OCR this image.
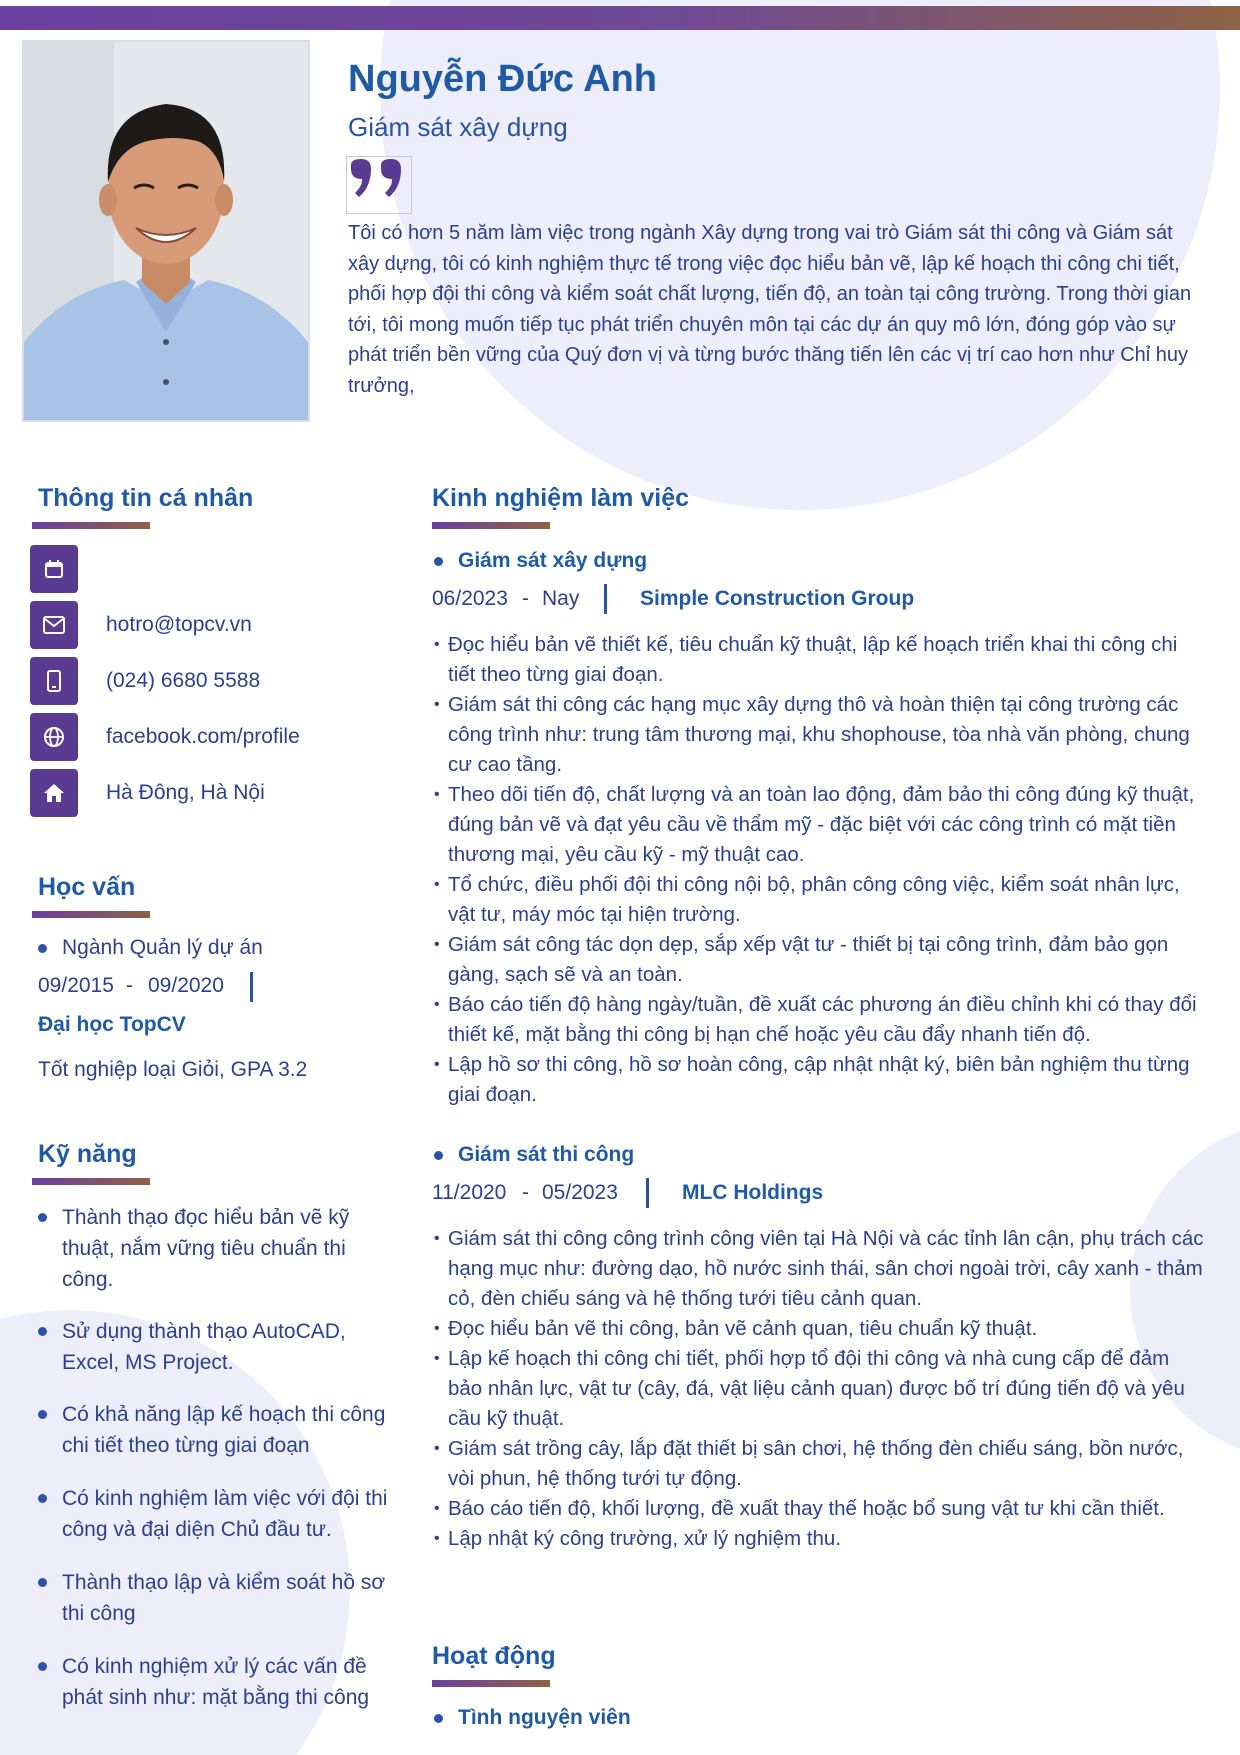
Nguyễn Đức Anh
Giám sát xây dựng
Tôi có hơn 5 năm làm việc trong ngành Xây dựng trong vai trò Giám sát thi công và Giám sát xây dựng, tôi có kinh nghiệm thực tế trong việc đọc hiểu bản vẽ, lập kế hoạch thi công chi tiết, phối hợp đội thi công và kiểm soát chất lượng, tiến độ, an toàn tại công trường. Trong thời gian tới, tôi mong muốn tiếp tục phát triển chuyên môn tại các dự án quy mô lớn, đóng góp vào sự phát triển bền vững của Quý đơn vị và từng bước thăng tiến lên các vị trí cao hơn như Chỉ huy trưởng,
Thông tin cá nhân
hotro@topcv.vn
(024) 6680 5588
facebook.com/profile
Hà Đông, Hà Nội
Học vấn
Ngành Quản lý dự án
09/2015 - 09/2020
Đại học TopCV
Tốt nghiệp loại Giỏi, GPA 3.2
Kỹ năng
Thành thạo đọc hiểu bản vẽ kỹ thuật, nắm vững tiêu chuẩn thi công.
Sử dụng thành thạo AutoCAD, Excel, MS Project.
Có khả năng lập kế hoạch thi công chi tiết theo từng giai đoạn
Có kinh nghiệm làm việc với đội thi công và đại diện Chủ đầu tư.
Thành thạo lập và kiểm soát hồ sơ thi công
Có kinh nghiệm xử lý các vấn đề phát sinh như: mặt bằng thi công
Kinh nghiệm làm việc
Giám sát xây dựng
06/2023 - Nay	Simple Construction Group
• Đọc hiểu bản vẽ thiết kế, tiêu chuẩn kỹ thuật, lập kế hoạch triển khai thi công chi tiết theo từng giai đoạn.
• Giám sát thi công các hạng mục xây dựng thô và hoàn thiện tại công trường các công trình như: trung tâm thương mại, khu shophouse, tòa nhà văn phòng, chung cư cao tầng.
• Theo dõi tiến độ, chất lượng và an toàn lao động, đảm bảo thi công đúng kỹ thuật, đúng bản vẽ và đạt yêu cầu về thẩm mỹ - đặc biệt với các công trình có mặt tiền thương mại, yêu cầu kỹ - mỹ thuật cao.
• Tổ chức, điều phối đội thi công nội bộ, phân công công việc, kiểm soát nhân lực, vật tư, máy móc tại hiện trường.
• Giám sát công tác dọn dẹp, sắp xếp vật tư - thiết bị tại công trình, đảm bảo gọn gàng, sạch sẽ và an toàn.
• Báo cáo tiến độ hàng ngày/tuần, đề xuất các phương án điều chỉnh khi có thay đổi thiết kế, mặt bằng thi công bị hạn chế hoặc yêu cầu đẩy nhanh tiến độ.
• Lập hồ sơ thi công, hồ sơ hoàn công, cập nhật nhật ký, biên bản nghiệm thu từng giai đoạn.
Giám sát thi công
11/2020 - 05/2023	MLC Holdings
• Giám sát thi công công trình công viên tại Hà Nội và các tỉnh lân cận, phụ trách các hạng mục như: đường dạo, hồ nước sinh thái, sân chơi ngoài trời, cây xanh - thảm cỏ, đèn chiếu sáng và hệ thống tưới tiêu cảnh quan.
• Đọc hiểu bản vẽ thi công, bản vẽ cảnh quan, tiêu chuẩn kỹ thuật.
• Lập kế hoạch thi công chi tiết, phối hợp tổ đội thi công và nhà cung cấp để đảm bảo nhân lực, vật tư (cây, đá, vật liệu cảnh quan) được bố trí đúng tiến độ và yêu cầu kỹ thuật.
• Giám sát trồng cây, lắp đặt thiết bị sân chơi, hệ thống đèn chiếu sáng, bồn nước, vòi phun, hệ thống tưới tự động.
• Báo cáo tiến độ, khối lượng, đề xuất thay thế hoặc bổ sung vật tư khi cần thiết.
• Lập nhật ký công trường, xử lý nghiệm thu.
Hoạt động
Tình nguyện viên
